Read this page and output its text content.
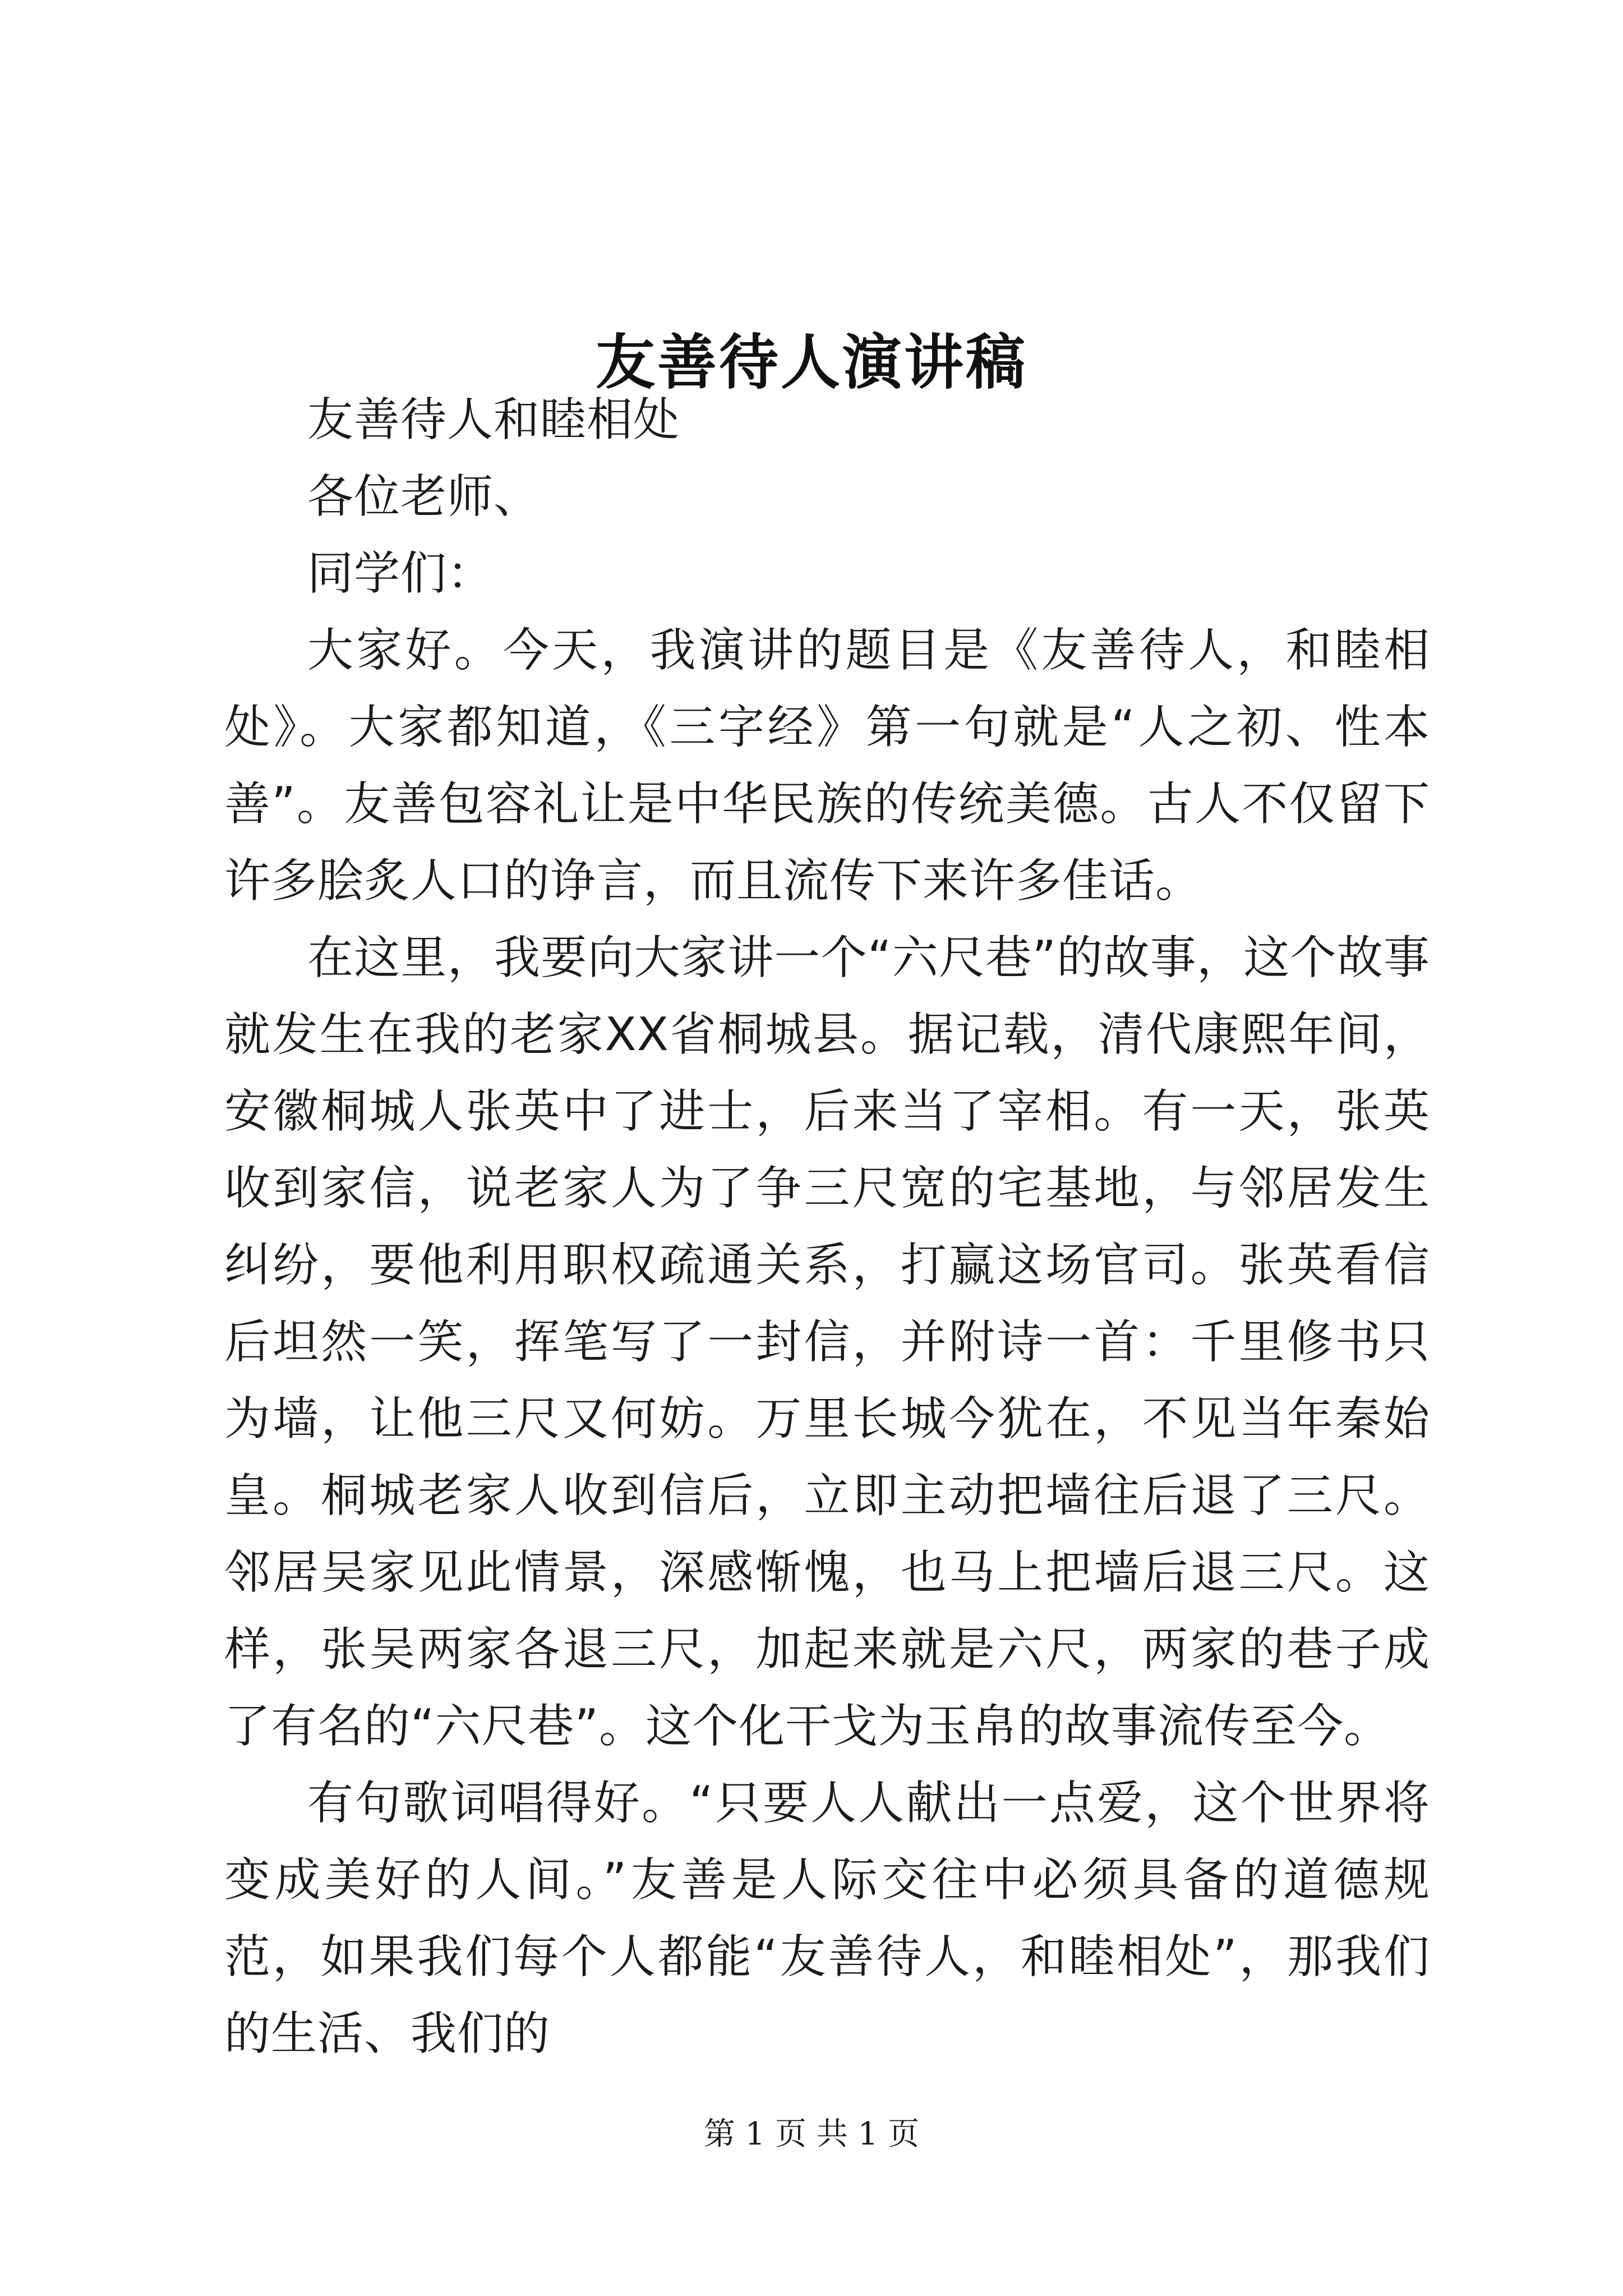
友善待人演讲稿

友善待人和睦相处

各位老师、

同学们：

大家好。今天，我演讲的题目是《友善待人，和睦相处》。大家都知道，《三字经》第一句就是“人之初、性本善”。友善包容礼让是中华民族的传统美德。古人不仅留下许多脍炙人口的诤言，而且流传下来许多佳话。

在这里，我要向大家讲一个“六尺巷”的故事，这个故事就发生在我的老家XX省桐城县。据记载，清代康熙年间，安徽桐城人张英中了进士，后来当了宰相。有一天，张英收到家信，说老家人为了争三尺宽的宅基地，与邻居发生纠纷，要他利用职权疏通关系，打赢这场官司。张英看信后坦然一笑，挥笔写了一封信，并附诗一首：千里修书只为墙，让他三尺又何妨。万里长城今犹在，不见当年秦始皇。桐城老家人收到信后，立即主动把墙往后退了三尺。邻居吴家见此情景，深感惭愧，也马上把墙后退三尺。这样，张吴两家各退三尺，加起来就是六尺，两家的巷子成了有名的“六尺巷”。这个化干戈为玉帛的故事流传至今。

有句歌词唱得好。“只要人人献出一点爱，这个世界将变成美好的人间。”友善是人际交往中必须具备的道德规范，如果我们每个人都能“友善待人，和睦相处”，那我们的生活、我们的

第 1 页 共 1 页
